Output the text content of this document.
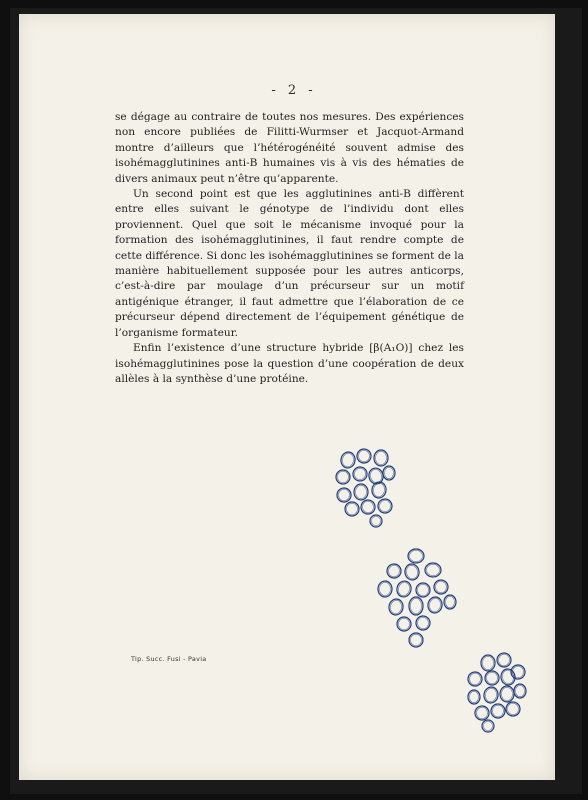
- 2 -

se dégage au contraire de toutes nos mesures. Des expériences non encore publiées de Filitti-Wurmser et Jacquot-Armand montre d’ailleurs que l’hétérogénéité souvent admise des isohémagglutinines anti-B humaines vis à vis des hématies de divers animaux peut n’être qu’apparente.

Un second point est que les agglutinines anti-B diffèrent entre elles suivant le génotype de l’individu dont elles proviennent. Quel que soit le mécanisme invoqué pour la formation des isohémagglutinines, il faut rendre compte de cette différence. Si donc les isohémagglutinines se forment de la manière habituellement supposée pour les autres anticorps, c’est-à-dire par moulage d’un précurseur sur un motif antigénique étranger, il faut admettre que l’élaboration de ce précurseur dépend directement de l’équipement génétique de l’organisme formateur.

Enfin l’existence d’une structure hybride [β(A₁O)] chez les isohémagglutinines pose la question d’une coopération de deux allèles à la synthèse d’une protéine.

Tip. Succ. Fusi - Pavia
